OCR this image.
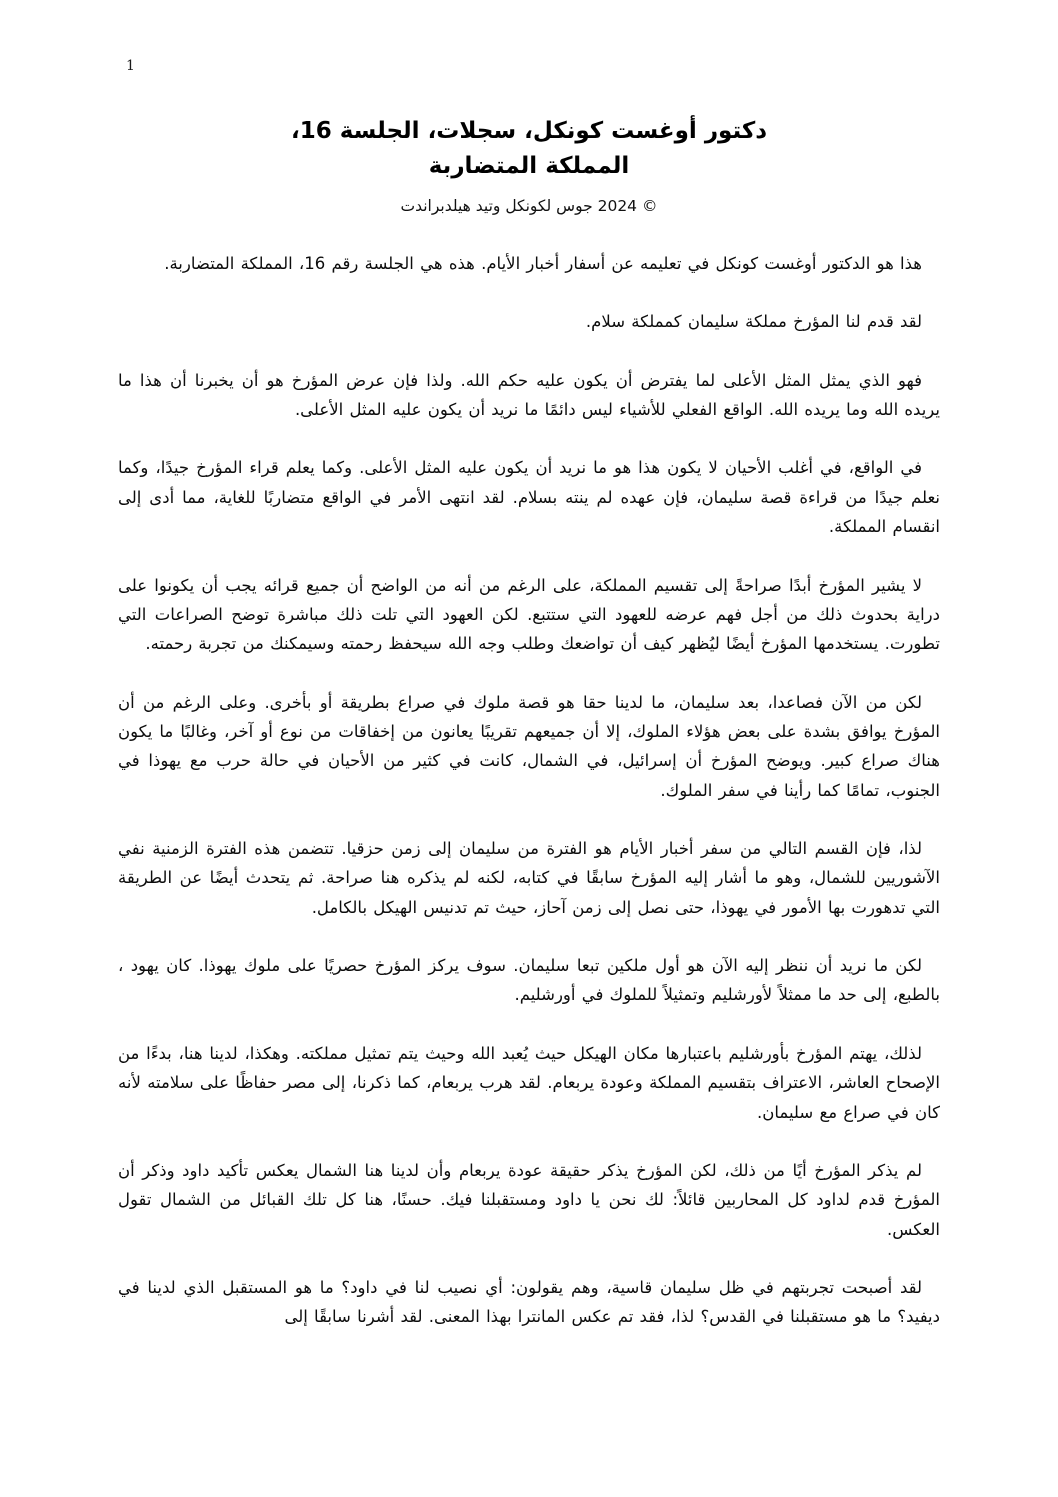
1
دكتور أوغست كونكل، سجلات، الجلسة 16،
المملكة المتضاربة
© 2024 جوس لكونكل وتيد هيلدبراندت

هذا هو الدكتور أوغست كونكل في تعليمه عن أسفار أخبار الأيام. هذه هي الجلسة رقم 16، المملكة المتضاربة.

لقد قدم لنا المؤرخ مملكة سليمان كمملكة سلام.

فهو الذي يمثل المثل الأعلى لما يفترض أن يكون عليه حكم الله. ولذا فإن عرض المؤرخ هو أن يخبرنا أن هذا ما يريده الله وما يريده الله. الواقع الفعلي للأشياء ليس دائمًا ما نريد أن يكون عليه المثل الأعلى.

في الواقع، في أغلب الأحيان لا يكون هذا هو ما نريد أن يكون عليه المثل الأعلى. وكما يعلم قراء المؤرخ جيدًا، وكما نعلم جيدًا من قراءة قصة سليمان، فإن عهده لم ينته بسلام. لقد انتهى الأمر في الواقع متضاربًا للغاية، مما أدى إلى انقسام المملكة.

لا يشير المؤرخ أبدًا صراحةً إلى تقسيم المملكة، على الرغم من أنه من الواضح أن جميع قرائه يجب أن يكونوا على دراية بحدوث ذلك من أجل فهم عرضه للعهود التي ستتبع. لكن العهود التي تلت ذلك مباشرة توضح الصراعات التي تطورت. يستخدمها المؤرخ أيضًا ليُظهر كيف أن تواضعك وطلب وجه الله سيحفظ رحمته وسيمكنك من تجربة رحمته.

لكن من الآن فصاعدا، بعد سليمان، ما لدينا حقا هو قصة ملوك في صراع بطريقة أو بأخرى. وعلى الرغم من أن المؤرخ يوافق بشدة على بعض هؤلاء الملوك، إلا أن جميعهم تقريبًا يعانون من إخفاقات من نوع أو آخر، وغالبًا ما يكون هناك صراع كبير. ويوضح المؤرخ أن إسرائيل، في الشمال، كانت في كثير من الأحيان في حالة حرب مع يهوذا في الجنوب، تمامًا كما رأينا في سفر الملوك.

لذا، فإن القسم التالي من سفر أخبار الأيام هو الفترة من سليمان إلى زمن حزقيا. تتضمن هذه الفترة الزمنية نفي الآشوريين للشمال، وهو ما أشار إليه المؤرخ سابقًا في كتابه، لكنه لم يذكره هنا صراحة. ثم يتحدث أيضًا عن الطريقة التي تدهورت بها الأمور في يهوذا، حتى نصل إلى زمن آحاز، حيث تم تدنيس الهيكل بالكامل.

لكن ما نريد أن ننظر إليه الآن هو أول ملكين تبعا سليمان. سوف يركز المؤرخ حصريًا على ملوك يهوذا. كان يهود ، بالطبع، إلى حد ما ممثلاً لأورشليم وتمثيلاً للملوك في أورشليم.

لذلك، يهتم المؤرخ بأورشليم باعتبارها مكان الهيكل حيث يُعبد الله وحيث يتم تمثيل مملكته. وهكذا، لدينا هنا، بدءًا من الإصحاح العاشر، الاعتراف بتقسيم المملكة وعودة يربعام. لقد هرب يربعام، كما ذكرنا، إلى مصر حفاظًا على سلامته لأنه كان في صراع مع سليمان.

لم يذكر المؤرخ أيًا من ذلك، لكن المؤرخ يذكر حقيقة عودة يربعام وأن لدينا هنا الشمال يعكس تأكيد داود وذكر أن المؤرخ قدم لداود كل المحاربين قائلاً: لك نحن يا داود ومستقبلنا فيك. حسنًا، هنا كل تلك القبائل من الشمال تقول العكس.

لقد أصبحت تجربتهم في ظل سليمان قاسية، وهم يقولون: أي نصيب لنا في داود؟ ما هو المستقبل الذي لدينا في ديفيد؟ ما هو مستقبلنا في القدس؟ لذا، فقد تم عكس المانترا بهذا المعنى. لقد أشرنا سابقًا إلى
